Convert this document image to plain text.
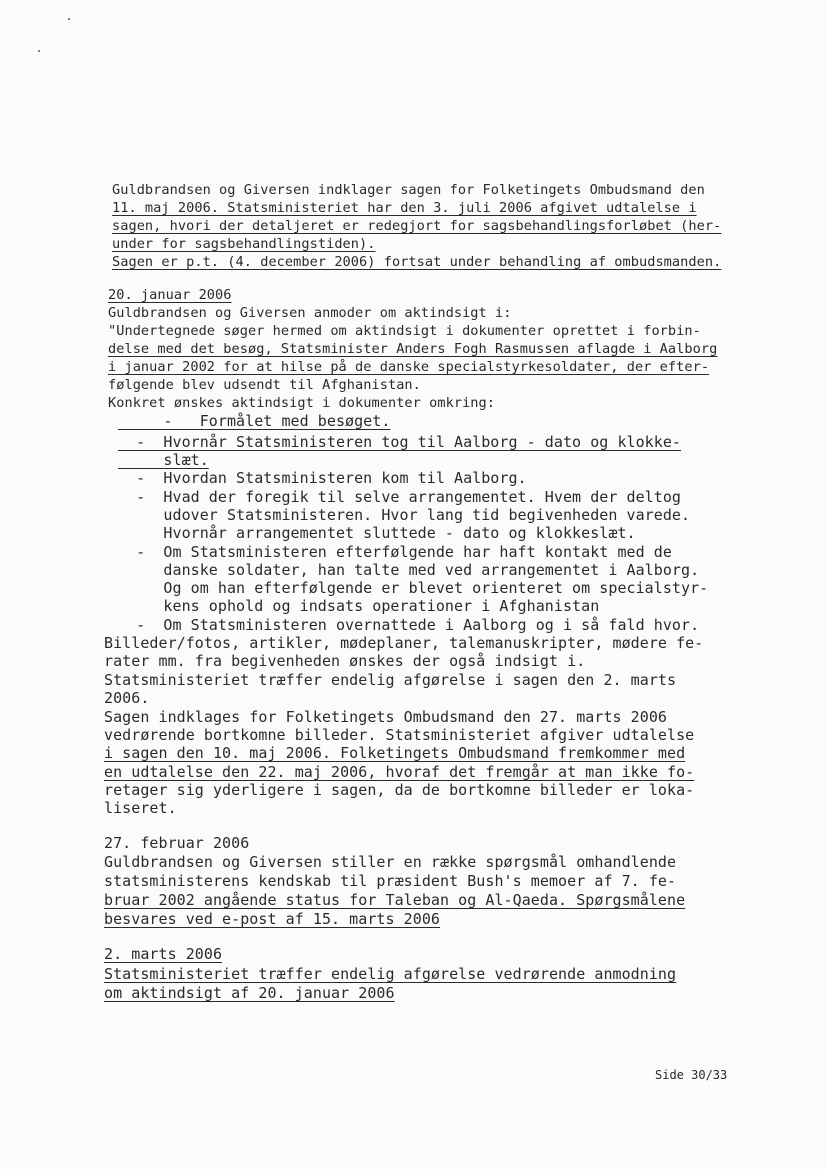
Guldbrandsen og Giversen indklager sagen for Folketingets Ombudsmand den
11. maj 2006. Statsministeriet har den 3. juli 2006 afgivet udtalelse i
sagen, hvori der detaljeret er redegjort for sagsbehandlingsforløbet (her-
under for sagsbehandlingstiden).
Sagen er p.t. (4. december 2006) fortsat under behandling af ombudsmanden.
20. januar 2006
Guldbrandsen og Giversen anmoder om aktindsigt i:
"Undertegnede søger hermed om aktindsigt i dokumenter oprettet i forbin-
delse med det besøg, Statsminister Anders Fogh Rasmussen aflagde i Aalborg
i januar 2002 for at hilse på de danske specialstyrkesoldater, der efter-
følgende blev udsendt til Afghanistan.
Konkret ønskes aktindsigt i dokumenter omkring:
-   Formålet med besøget.
-  Hvornår Statsministeren tog til Aalborg - dato og klokke-
slæt.
-  Hvordan Statsministeren kom til Aalborg.
-  Hvad der foregik til selve arrangementet. Hvem der deltog
udover Statsministeren. Hvor lang tid begivenheden varede.
Hvornår arrangementet sluttede - dato og klokkeslæt.
-  Om Statsministeren efterfølgende har haft kontakt med de
danske soldater, han talte med ved arrangementet i Aalborg.
Og om han efterfølgende er blevet orienteret om specialstyr-
kens ophold og indsats operationer i Afghanistan
-  Om Statsministeren overnattede i Aalborg og i så fald hvor.
Billeder/fotos, artikler, mødeplaner, talemanuskripter, mødere fe-
rater mm. fra begivenheden ønskes der også indsigt i.
Statsministeriet træffer endelig afgørelse i sagen den 2. marts
2006.
Sagen indklages for Folketingets Ombudsmand den 27. marts 2006
vedrørende bortkomne billeder. Statsministeriet afgiver udtalelse
i sagen den 10. maj 2006. Folketingets Ombudsmand fremkommer med
en udtalelse den 22. maj 2006, hvoraf det fremgår at man ikke fo-
retager sig yderligere i sagen, da de bortkomne billeder er loka-
liseret.
27. februar 2006
Guldbrandsen og Giversen stiller en række spørgsmål omhandlende
statsministerens kendskab til præsident Bush's memoer af 7. fe-
bruar 2002 angående status for Taleban og Al-Qaeda. Spørgsmålene
besvares ved e-post af 15. marts 2006
2. marts 2006
Statsministeriet træffer endelig afgørelse vedrørende anmodning
om aktindsigt af 20. januar 2006
Side 30/33
